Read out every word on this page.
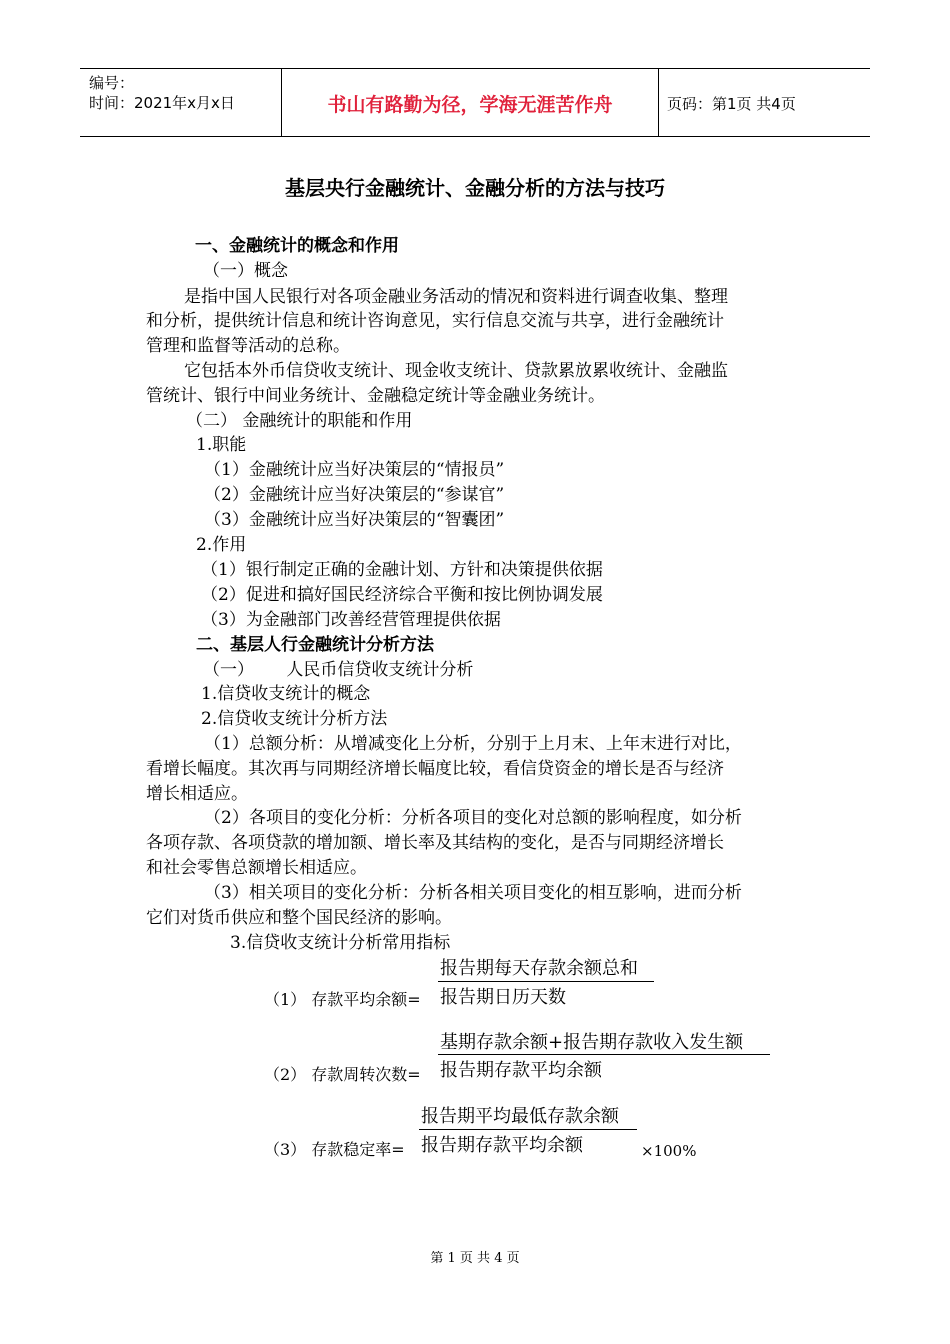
编号：
时间：2021年x月x日	书山有路勤为径，学海无涯苦作舟	页码：第1页 共4页
基层央行金融统计、金融分析的方法与技巧
一、金融统计的概念和作用
（一）概念
是指中国人民银行对各项金融业务活动的情况和资料进行调查收集、整理
和分析，提供统计信息和统计咨询意见，实行信息交流与共享，进行金融统计
管理和监督等活动的总称。
它包括本外币信贷收支统计、现金收支统计、贷款累放累收统计、金融监
管统计、银行中间业务统计、金融稳定统计等金融业务统计。
（二） 金融统计的职能和作用
1.职能
（1）金融统计应当好决策层的“情报员”
（2）金融统计应当好决策层的“参谋官”
（3）金融统计应当好决策层的“智囊团”
2.作用
（1）银行制定正确的金融计划、方针和决策提供依据
（2）促进和搞好国民经济综合平衡和按比例协调发展
（3）为金融部门改善经营管理提供依据
二、基层人行金融统计分析方法
（一）      人民币信贷收支统计分析
1.信贷收支统计的概念
2.信贷收支统计分析方法
（1）总额分析：从增减变化上分析，分别于上月末、上年末进行对比，
看增长幅度。其次再与同期经济增长幅度比较，看信贷资金的增长是否与经济
增长相适应。
（2）各项目的变化分析：分析各项目的变化对总额的影响程度，如分析
各项存款、各项贷款的增加额、增长率及其结构的变化，是否与同期经济增长
和社会零售总额增长相适应。
（3）相关项目的变化分析：分析各相关项目变化的相互影响，进而分析
它们对货币供应和整个国民经济的影响。
3.信贷收支统计分析常用指标
报告期每天存款余额总和
报告期日历天数
（1） 存款平均余额=
基期存款余额+报告期存款收入发生额
报告期存款平均余额
（2） 存款周转次数=
报告期平均最低存款余额
报告期存款平均余额
（3） 存款稳定率=	×100%
第 1 页 共 4 页
